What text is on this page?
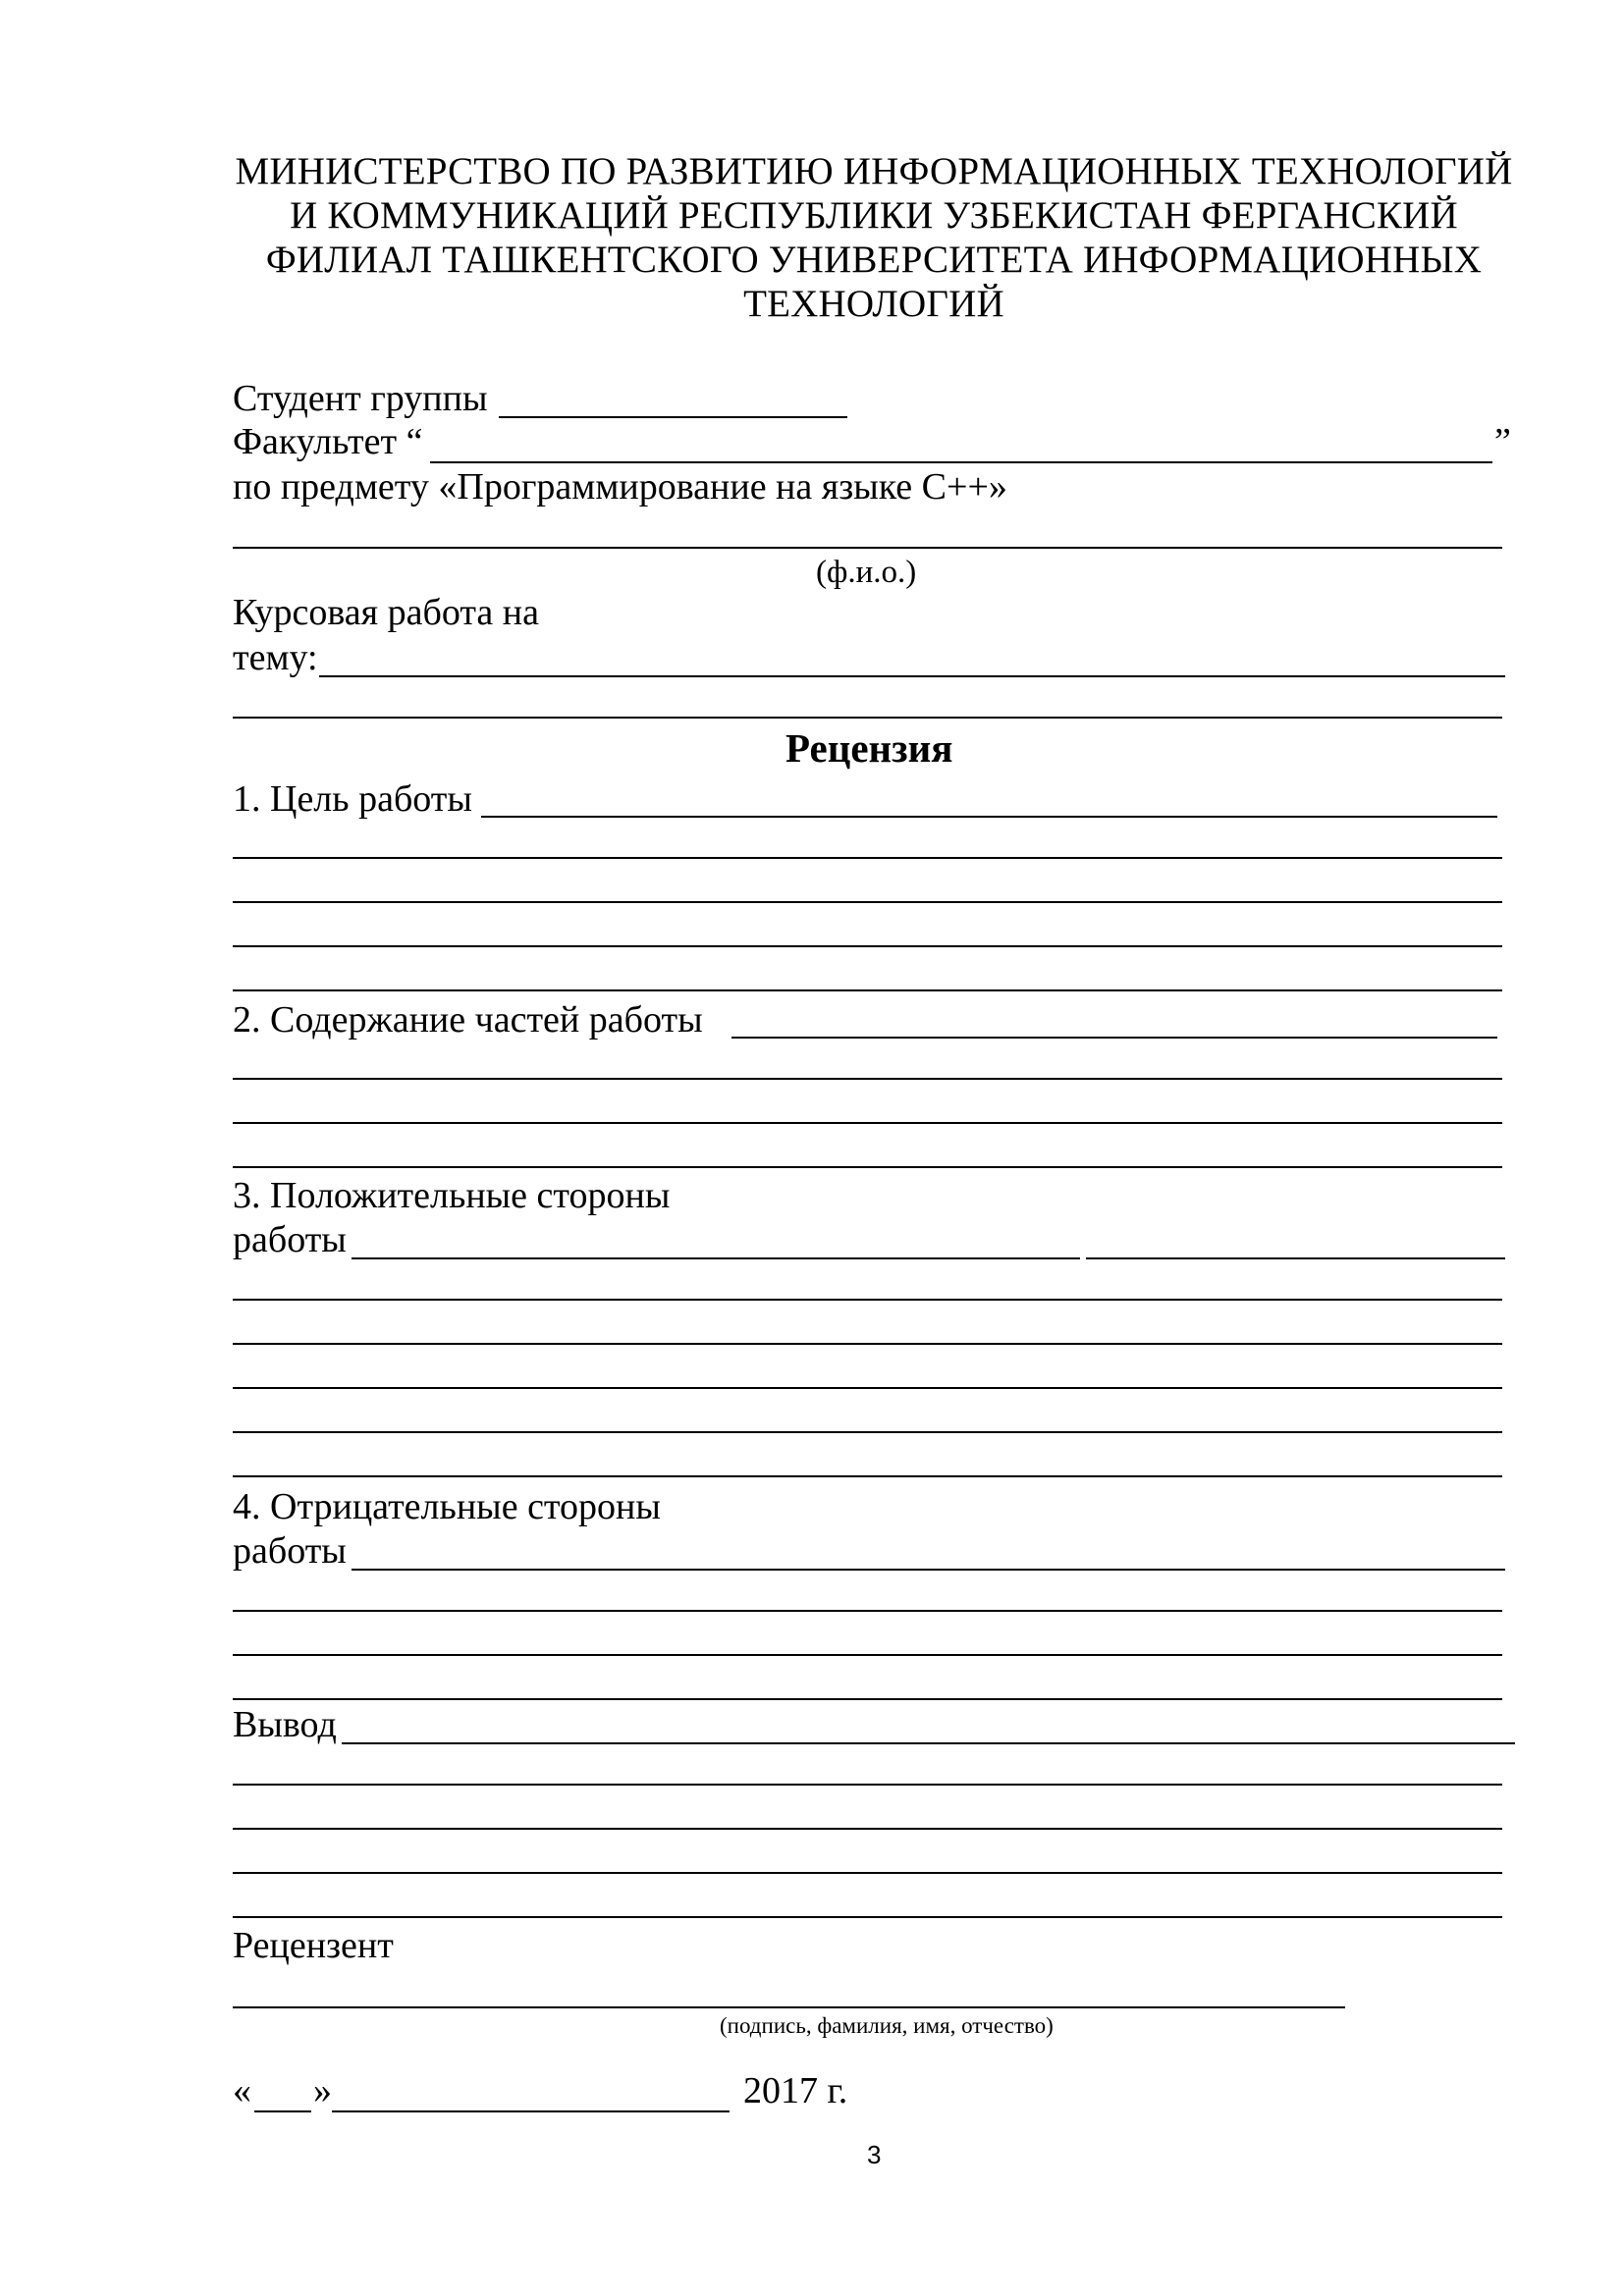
МИНИСТЕРСТВО ПО РАЗВИТИЮ ИНФОРМАЦИОННЫХ ТЕХНОЛОГИЙ
И КОММУНИКАЦИЙ РЕСПУБЛИКИ УЗБЕКИСТАН ФЕРГАНСКИЙ
ФИЛИАЛ ТАШКЕНТСКОГО УНИВЕРСИТЕТА ИНФОРМАЦИОННЫХ
ТЕХНОЛОГИЙ
Студент группы
Факультет “	”
по предмету «Программирование на языке С++»
(ф.и.о.)
Курсовая работа на
тему:
Рецензия
1. Цель работы
2. Содержание частей работы
3. Положительные стороны
работы
4. Отрицательные стороны
работы
Вывод
Рецензент
(подпись, фамилия, имя, отчество)
« »	2017 г.
3
